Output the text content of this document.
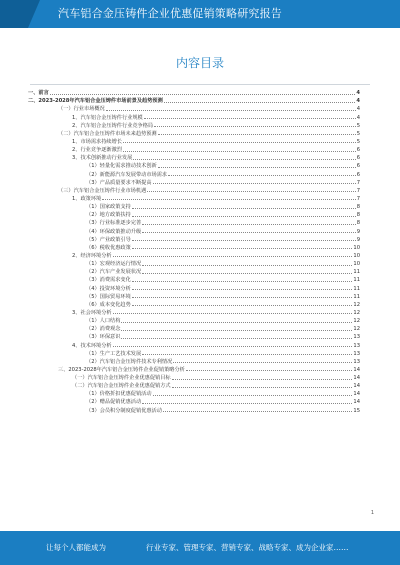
汽车铝合金压铸件企业优惠促销策略研究报告
内容目录
一、前言	4
二、2023-2028年汽车铝合金压铸件市场前景及趋势预测	4
（一）行业市场概况	4
1、汽车铝合金压铸件行业规模	4
2、汽车铝合金压铸件行业竞争格局	5
（二）汽车铝合金压铸件市场未来趋势预测	5
1、市场需求持续增长	5
2、行业竞争逐渐激烈	6
3、技术创新推动行业发展	6
（1）轻量化需求推动技术创新	6
（2）新能源汽车发展带动市场需求	6
（3）产品质量要求不断提高	7
（三）汽车铝合金压铸件行业市场机遇	7
1、政策环境	7
（1）国家政策支持	8
（2）地方政策扶持	8
（3）行业标准逐步完善	8
（4）环保政策推动升级	9
（5）产业政策引导	9
（6）税收优惠政策	10
2、经济环境分析	10
（1）宏观经济运行情况	10
（2）汽车产业发展状况	11
（3）消费需求变化	11
（4）投资环境分析	11
（5）国际贸易环境	11
（6）成本变化趋势	12
3、社会环境分析	12
（1）人口结构	12
（2）消费观念	12
（3）环保意识	13
4、技术环境分析	13
（1）生产工艺技术发展	13
（2）汽车铝合金压铸件技术专利情况	13
三、2023-2028年汽车铝合金压铸件企业促销策略分析	14
（一）汽车铝合金压铸件企业优惠促销目标	14
（二）汽车铝合金压铸件企业优惠促销方式	14
（1）价格折扣优惠促销活动	14
（2）赠品促销优惠活动	14
（3）会员积分制度促销优惠活动	15
1
让每个人都能成为	行业专家、管理专家、营销专家、战略专家、成为企业家……
